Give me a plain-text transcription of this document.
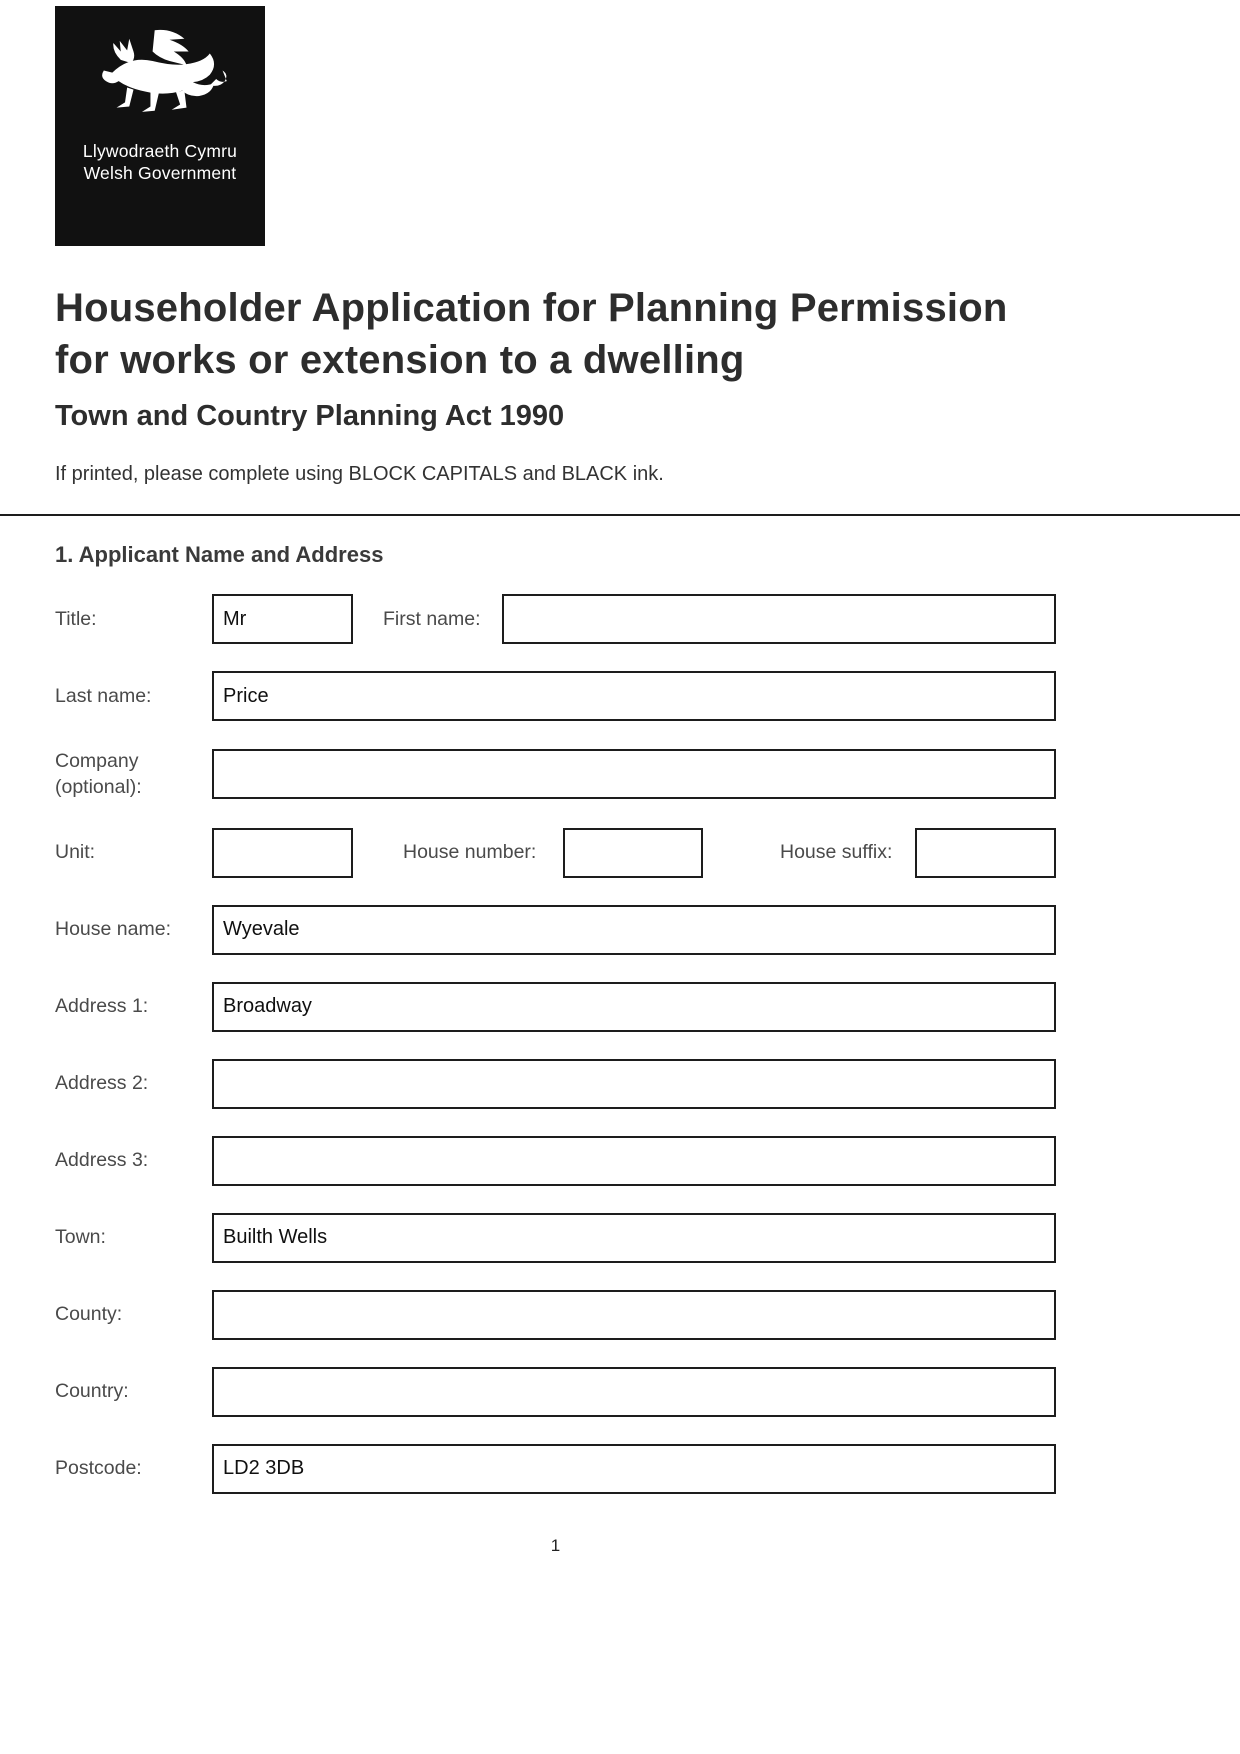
Llywodraeth Cymru
Welsh Government
Householder Application for Planning Permission
for works or extension to a dwelling
Town and Country Planning Act 1990

If printed, please complete using BLOCK CAPITALS and BLACK ink.

1. Applicant Name and Address
Title:	Mr	First name:
Last name:	Price
Company (optional):
Unit:	House number:	House suffix:
House name:	Wyevale
Address 1:	Broadway
Address 2:
Address 3:
Town:	Builth Wells
County:
Country:
Postcode:	LD2 3DB
1
